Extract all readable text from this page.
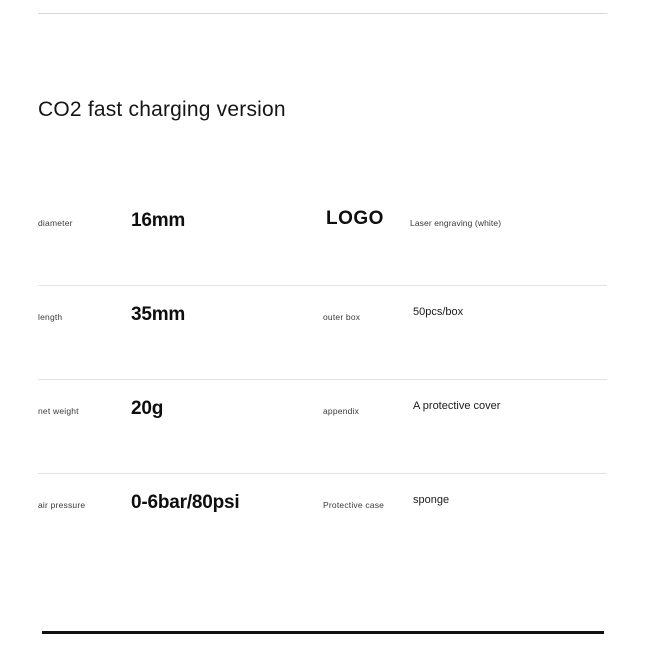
CO2 fast charging version
diameter	16mm	LOGO	Laser engraving (white)
length	35mm	outer box	50pcs/box
net weight	20g	appendix	A protective cover
air pressure 0-6bar/80psi	Protective case	sponge
